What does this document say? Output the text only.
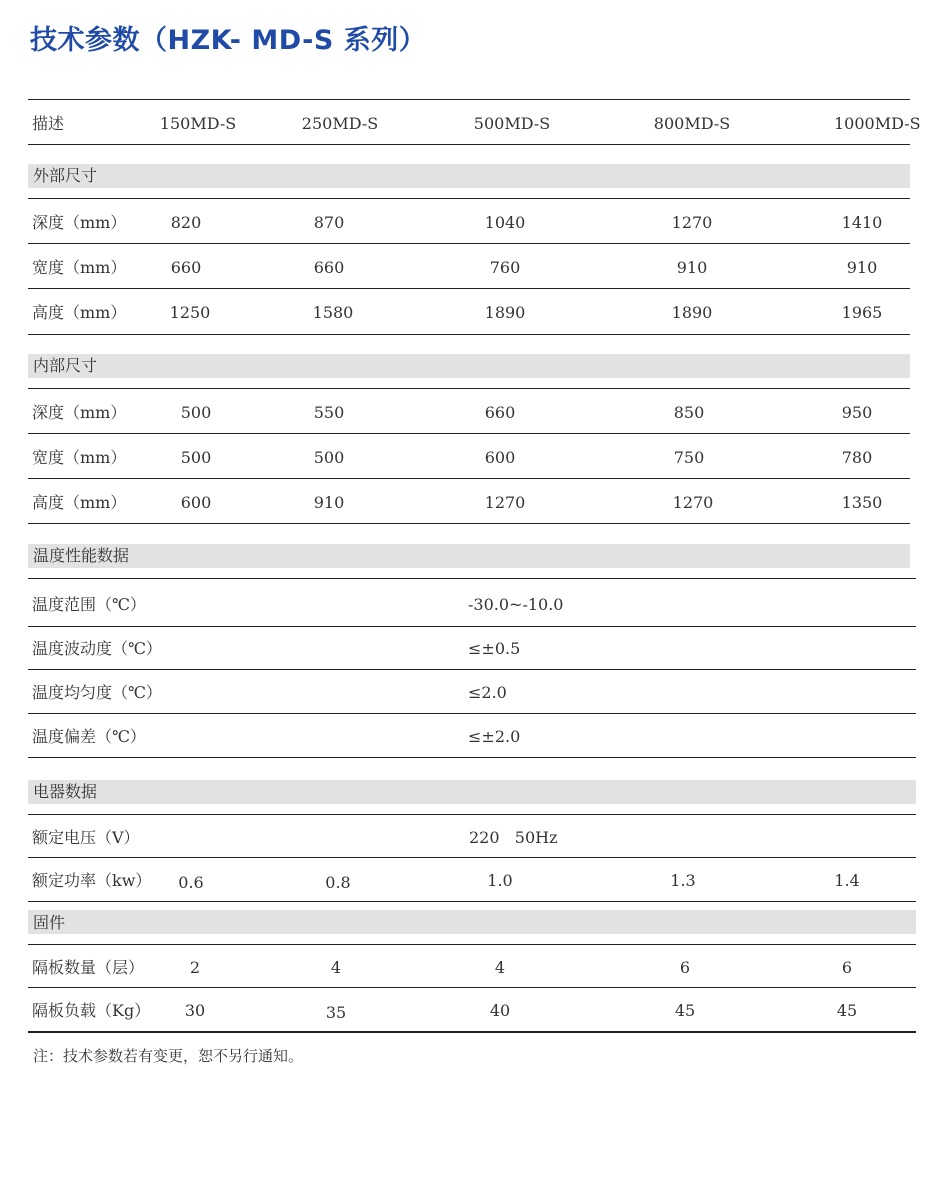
技术参数（HZK- MD-S 系列）
描述	150MD-S	250MD-S	500MD-S	800MD-S	1000MD-S
外部尺寸
深度（mm）	820	870	1040	1270	1410
宽度（mm）	660	660	760	910	910
高度（mm）	1250	1580	1890	1890	1965
内部尺寸
深度（mm）	500	550	660	850	950
宽度（mm）	500	500	600	750	780
高度（mm）	600	910	1270	1270	1350
温度性能数据
温度范围（℃）	-30.0~-10.0
温度波动度（℃）	≤±0.5
温度均匀度（℃）	≤2.0
温度偏差（℃）	≤±2.0
电器数据
额定电压（V）	220   50Hz
额定功率（kw） 0.6	0.8	1.0	1.3	1.4
固件
隔板数量（层）	2	4	4	6	6
隔板负载（Kg） 30	35	40	45	45
注：技术参数若有变更，恕不另行通知。
